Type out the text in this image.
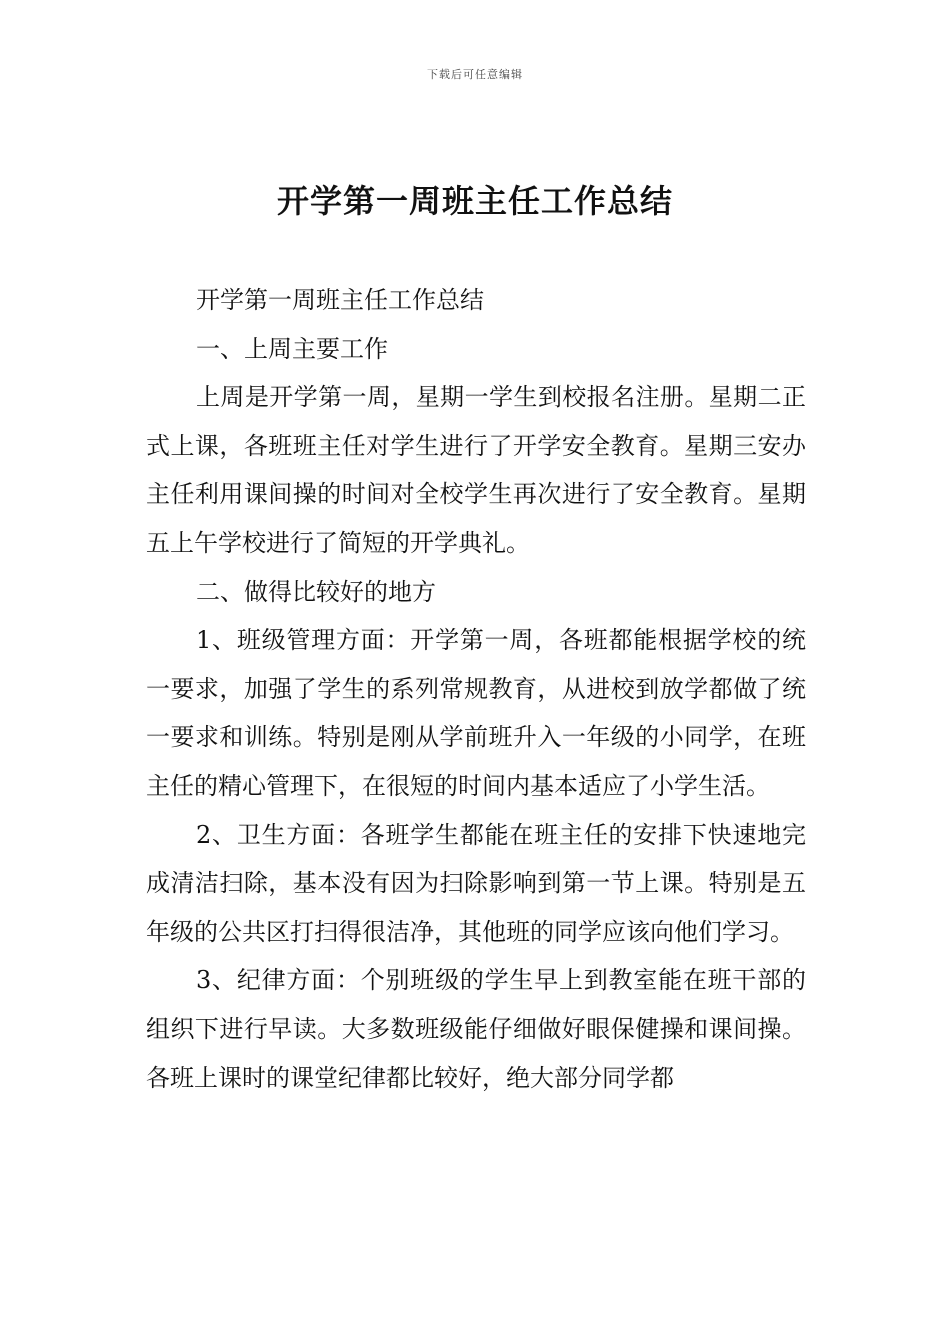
下载后可任意编辑
开学第一周班主任工作总结

开学第一周班主任工作总结

一、上周主要工作

上周是开学第一周，星期一学生到校报名注册。星期二正式上课，各班班主任对学生进行了开学安全教育。星期三安办主任利用课间操的时间对全校学生再次进行了安全教育。星期五上午学校进行了简短的开学典礼。

二、做得比较好的地方

1、班级管理方面：开学第一周，各班都能根据学校的统一要求，加强了学生的系列常规教育，从进校到放学都做了统一要求和训练。特别是刚从学前班升入一年级的小同学，在班主任的精心管理下，在很短的时间内基本适应了小学生活。

2、卫生方面：各班学生都能在班主任的安排下快速地完成清洁扫除，基本没有因为扫除影响到第一节上课。特别是五年级的公共区打扫得很洁净，其他班的同学应该向他们学习。

3、纪律方面：个别班级的学生早上到教室能在班干部的组织下进行早读。大多数班级能仔细做好眼保健操和课间操。各班上课时的课堂纪律都比较好，绝大部分同学都
